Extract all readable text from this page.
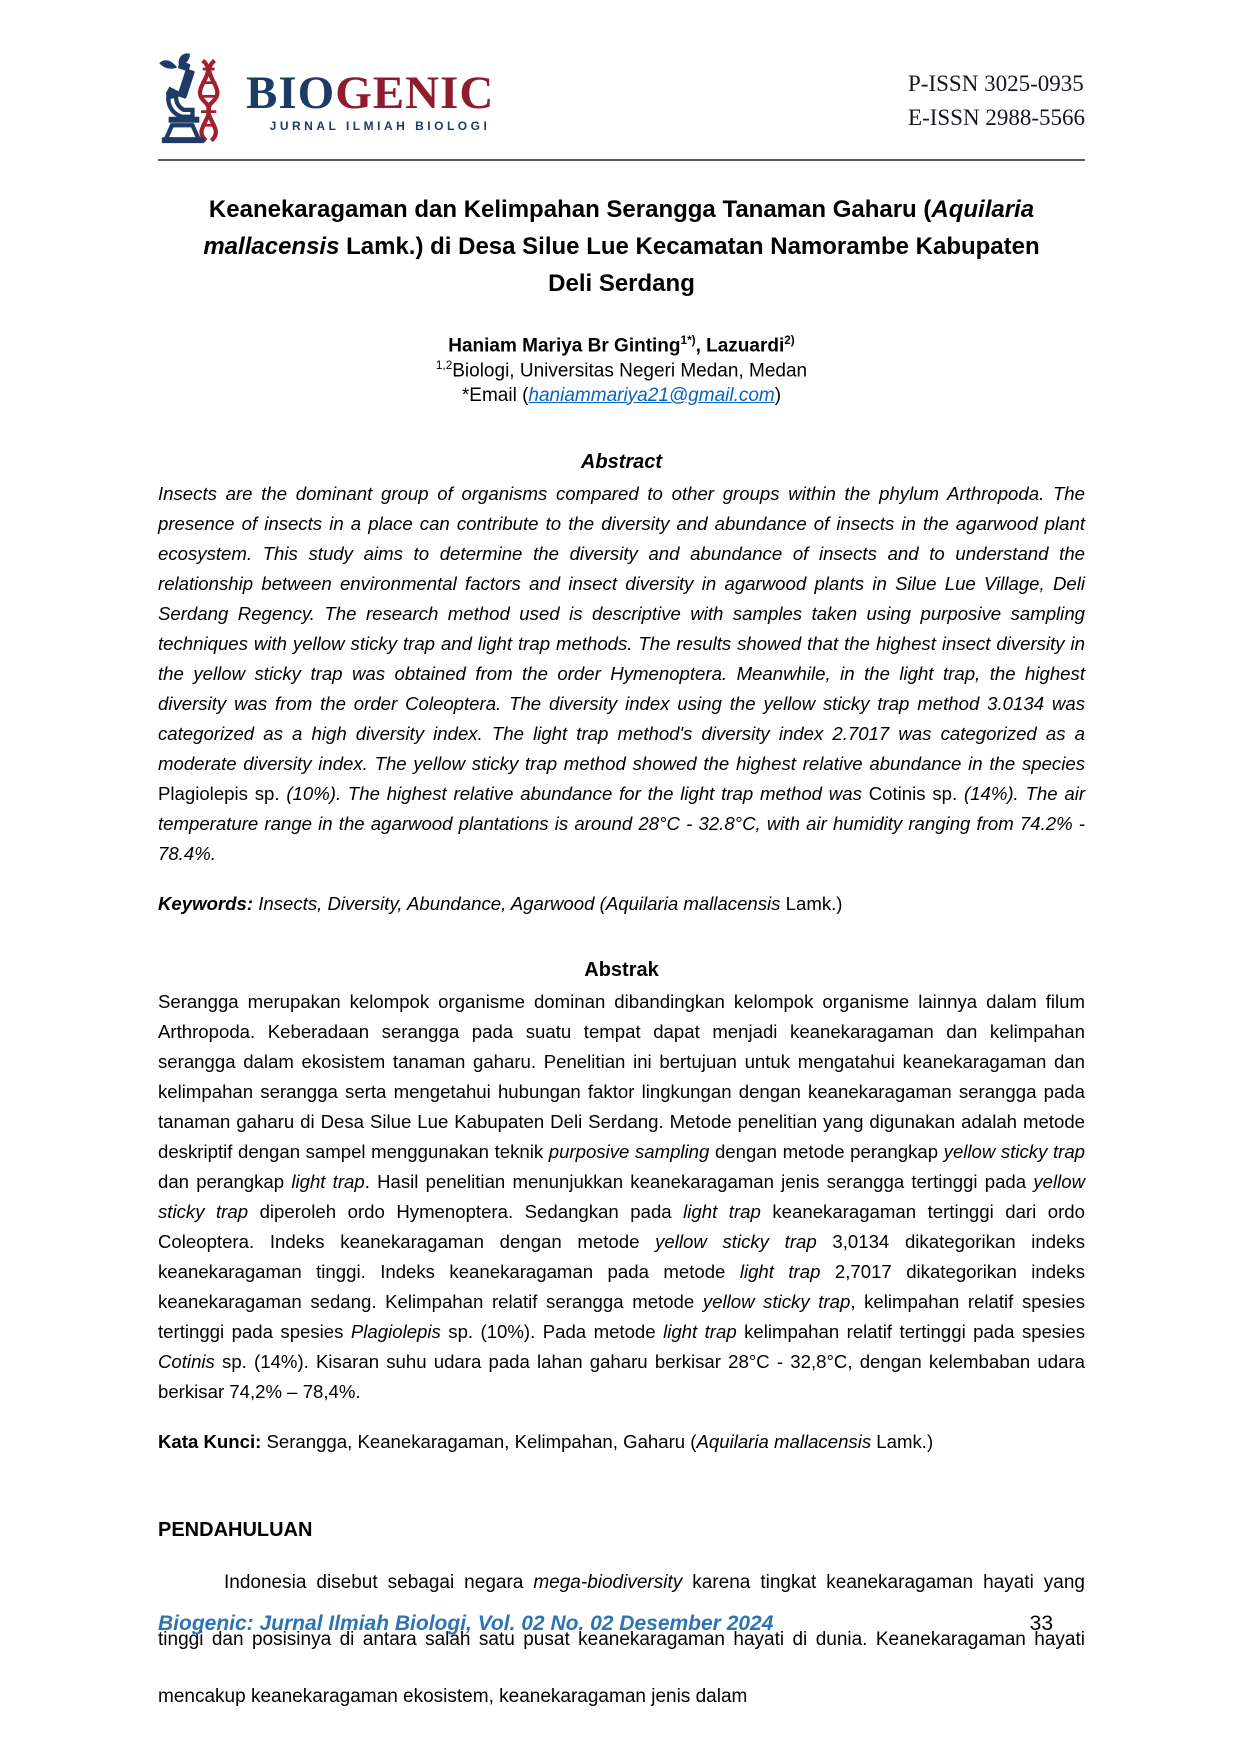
BIOGENIC
JURNAL ILMIAH BIOLOGI
P-ISSN 3025-0935
E-ISSN 2988-5566
Keanekaragaman dan Kelimpahan Serangga Tanaman Gaharu (Aquilaria mallacensis Lamk.) di Desa Silue Lue Kecamatan Namorambe Kabupaten Deli Serdang
Haniam Mariya Br Ginting$^{1*)}$, Lazuardi$^{2)}$
$^{1,2}$Biologi, Universitas Negeri Medan, Medan
*Email (haniammariya21@gmail.com)
Abstract
Insects are the dominant group of organisms compared to other groups within the phylum Arthropoda. The presence of insects in a place can contribute to the diversity and abundance of insects in the agarwood plant ecosystem. This study aims to determine the diversity and abundance of insects and to understand the relationship between environmental factors and insect diversity in agarwood plants in Silue Lue Village, Deli Serdang Regency. The research method used is descriptive with samples taken using purposive sampling techniques with yellow sticky trap and light trap methods. The results showed that the highest insect diversity in the yellow sticky trap was obtained from the order Hymenoptera. Meanwhile, in the light trap, the highest diversity was from the order Coleoptera. The diversity index using the yellow sticky trap method 3.0134 was categorized as a high diversity index. The light trap method's diversity index 2.7017 was categorized as a moderate diversity index. The yellow sticky trap method showed the highest relative abundance in the species Plagiolepis sp. (10%). The highest relative abundance for the light trap method was Cotinis sp. (14%). The air temperature range in the agarwood plantations is around 28°C - 32.8°C, with air humidity ranging from 74.2% - 78.4%.
Keywords: Insects, Diversity, Abundance, Agarwood (Aquilaria mallacensis Lamk.)
Abstrak
Serangga merupakan kelompok organisme dominan dibandingkan kelompok organisme lainnya dalam filum Arthropoda. Keberadaan serangga pada suatu tempat dapat menjadi keanekaragaman dan kelimpahan serangga dalam ekosistem tanaman gaharu. Penelitian ini bertujuan untuk mengatahui keanekaragaman dan kelimpahan serangga serta mengetahui hubungan faktor lingkungan dengan keanekaragaman serangga pada tanaman gaharu di Desa Silue Lue Kabupaten Deli Serdang. Metode penelitian yang digunakan adalah metode deskriptif dengan sampel menggunakan teknik purposive sampling dengan metode perangkap yellow sticky trap dan perangkap light trap. Hasil penelitian menunjukkan keanekaragaman jenis serangga tertinggi pada yellow sticky trap diperoleh ordo Hymenoptera. Sedangkan pada light trap keanekaragaman tertinggi dari ordo Coleoptera. Indeks keanekaragaman dengan metode yellow sticky trap 3,0134 dikategorikan indeks keanekaragaman tinggi. Indeks keanekaragaman pada metode light trap 2,7017 dikategorikan indeks keanekaragaman sedang. Kelimpahan relatif serangga metode yellow sticky trap, kelimpahan relatif spesies tertinggi pada spesies Plagiolepis sp. (10%). Pada metode light trap kelimpahan relatif tertinggi pada spesies Cotinis sp. (14%). Kisaran suhu udara pada lahan gaharu berkisar 28°C - 32,8°C, dengan kelembaban udara berkisar 74,2% – 78,4%.
Kata Kunci: Serangga, Keanekaragaman, Kelimpahan, Gaharu (Aquilaria mallacensis Lamk.)
PENDAHULUAN
Indonesia disebut sebagai negara mega-biodiversity karena tingkat keanekaragaman hayati yang tinggi dan posisinya di antara salah satu pusat keanekaragaman hayati di dunia. Keanekaragaman hayati mencakup keanekaragaman ekosistem, keanekaragaman jenis dalam
Biogenic: Jurnal Ilmiah Biologi, Vol. 02 No. 02 Desember 2024	33
